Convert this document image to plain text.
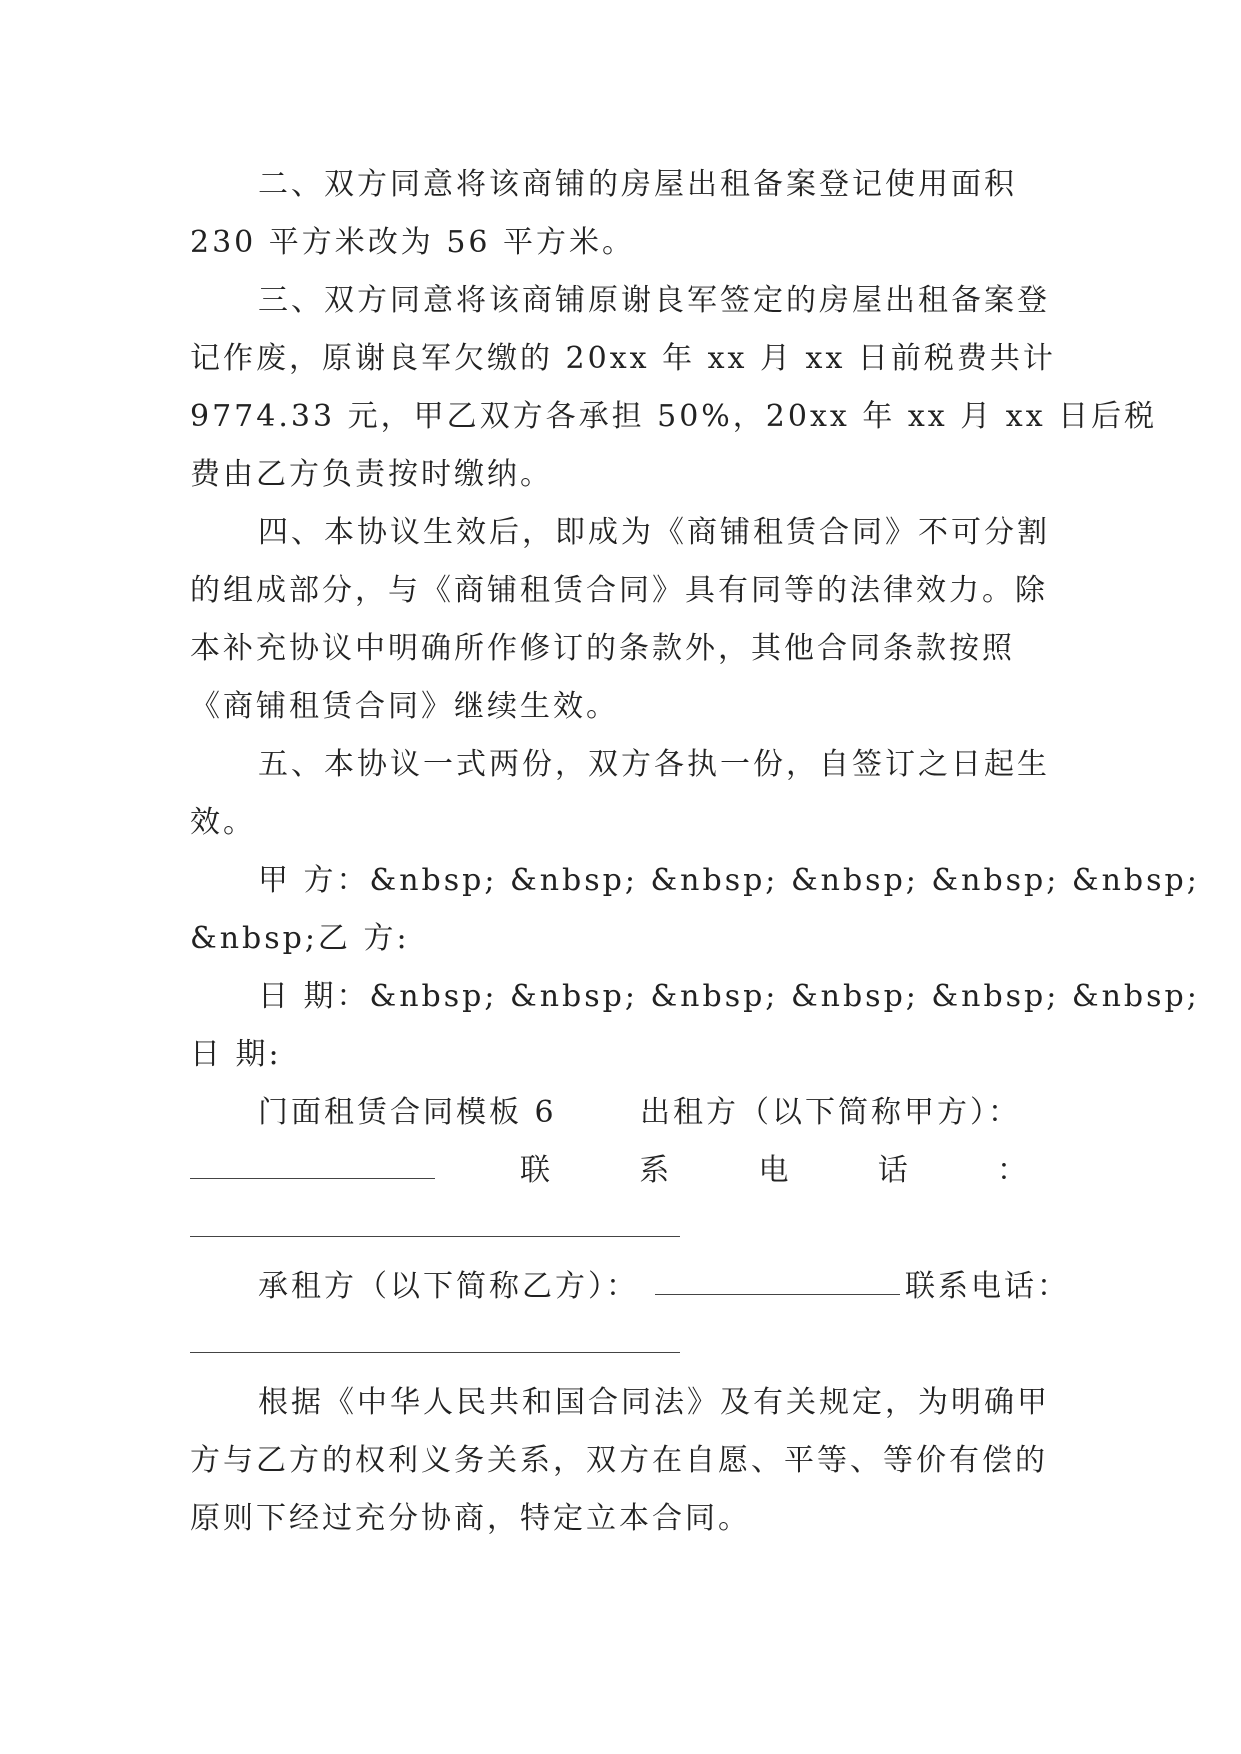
二、双方同意将该商铺的房屋出租备案登记使用面积
230 平方米改为 56 平方米。
三、双方同意将该商铺原谢良军签定的房屋出租备案登
记作废，原谢良军欠缴的 20xx 年 xx 月 xx 日前税费共计
9774.33 元，甲乙双方各承担 50%，20xx 年 xx 月 xx 日后税
费由乙方负责按时缴纳。
四、本协议生效后，即成为《商铺租赁合同》不可分割
的组成部分，与《商铺租赁合同》具有同等的法律效力。除
本补充协议中明确所作修订的条款外，其他合同条款按照
《商铺租赁合同》继续生效。
五、本协议一式两份，双方各执一份，自签订之日起生
效。
甲 方：&nbsp; &nbsp; &nbsp; &nbsp; &nbsp; &nbsp;
&nbsp;乙 方:
日 期：&nbsp; &nbsp; &nbsp; &nbsp; &nbsp; &nbsp;
日 期:
门面租赁合同模板 6	出租方（以下简称甲方）：
联	系	电	话	：
承租方（以下简称乙方）：	联系电话：
根据《中华人民共和国合同法》及有关规定，为明确甲
方与乙方的权利义务关系，双方在自愿、平等、等价有偿的
原则下经过充分协商，特定立本合同。
